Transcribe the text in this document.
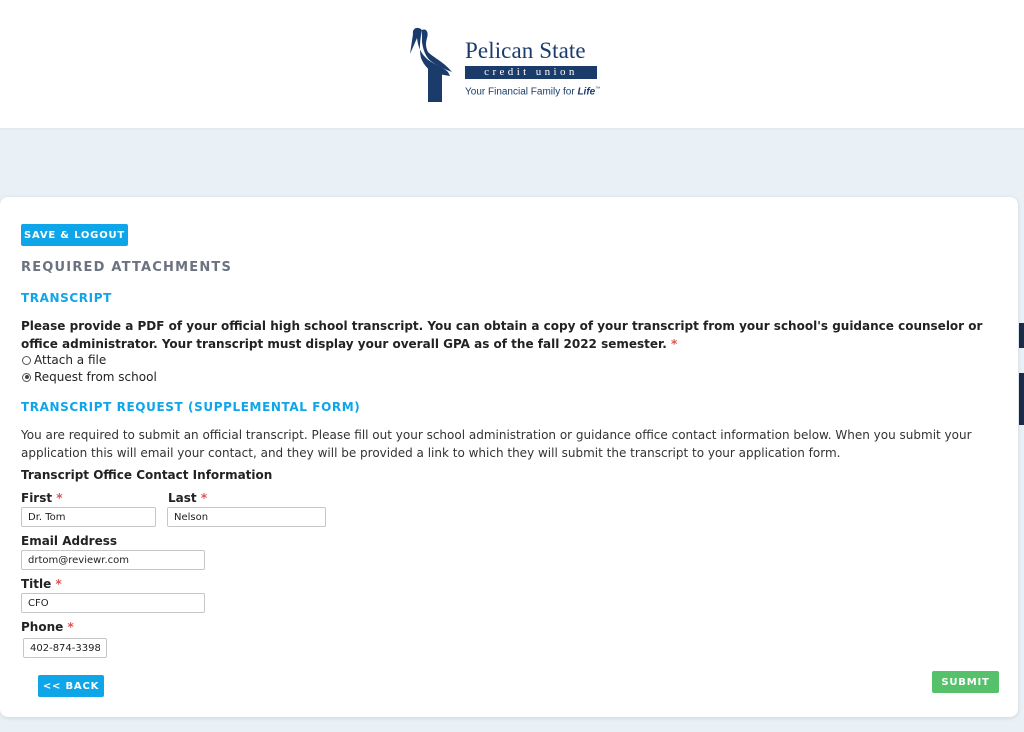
Pelican State
credit union
Your Financial Family for Life™
SAVE & LOGOUT
REQUIRED ATTACHMENTS
TRANSCRIPT
Please provide a PDF of your official high school transcript. You can obtain a copy of your transcript from your school's guidance counselor or office administrator. Your transcript must display your overall GPA as of the fall 2022 semester. *
Attach a file
Request from school
TRANSCRIPT REQUEST (SUPPLEMENTAL FORM)
You are required to submit an official transcript. Please fill out your school administration or guidance office contact information below. When you submit your application this will email your contact, and they will be provided a link to which they will submit the transcript to your application form.
Transcript Office Contact Information
First *
Dr. Tom	Last *
Nelson
Email Address
drtom@reviewr.com
Title *
CFO
Phone *
402-874-3398
<< BACK	SUBMIT
